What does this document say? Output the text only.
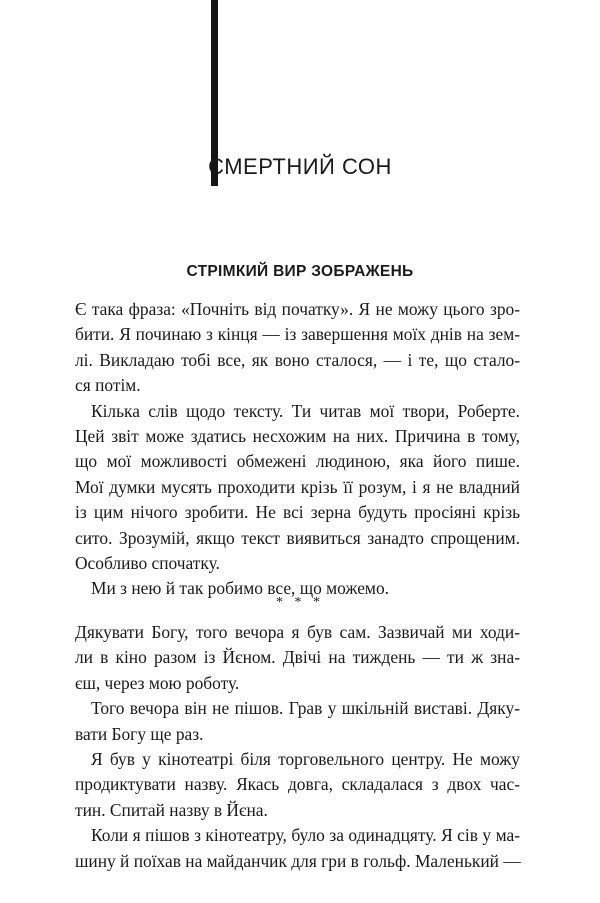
СМЕРТНИЙ СОН
СТРІМКИЙ ВИР ЗОБРАЖЕНЬ
Є така фраза: «Почніть від початку». Я не можу цього зро-
бити. Я починаю з кінця — із завершення моїх днів на зем-
лі. Викладаю тобі все, як воно сталося, — і те, що стало-
ся потім.
Кілька слів щодо тексту. Ти читав мої твори, Роберте.
Цей звіт може здатись несхожим на них. Причина в тому,
що мої можливості обмежені людиною, яка його пише.
Мої думки мусять проходити крізь її розум, і я не владний
із цим нічого зробити. Не всі зерна будуть просіяні крізь
сито. Зрозумій, якщо текст виявиться занадто спрощеним.
Особливо спочатку.
Ми з нею й так робимо все, що можемо.
* * *
Дякувати Богу, того вечора я був сам. Зазвичай ми ходи-
ли в кіно разом із Йєном. Двічі на тиждень — ти ж зна-
єш, через мою роботу.
Того вечора він не пішов. Грав у шкільній виставі. Дяку-
вати Богу ще раз.
Я був у кінотеатрі біля торговельного центру. Не можу
продиктувати назву. Якась довга, складалася з двох час-
тин. Спитай назву в Йєна.
Коли я пішов з кінотеатру, було за одинадцяту. Я сів у ма-
шину й поїхав на майданчик для гри в гольф. Маленький —
